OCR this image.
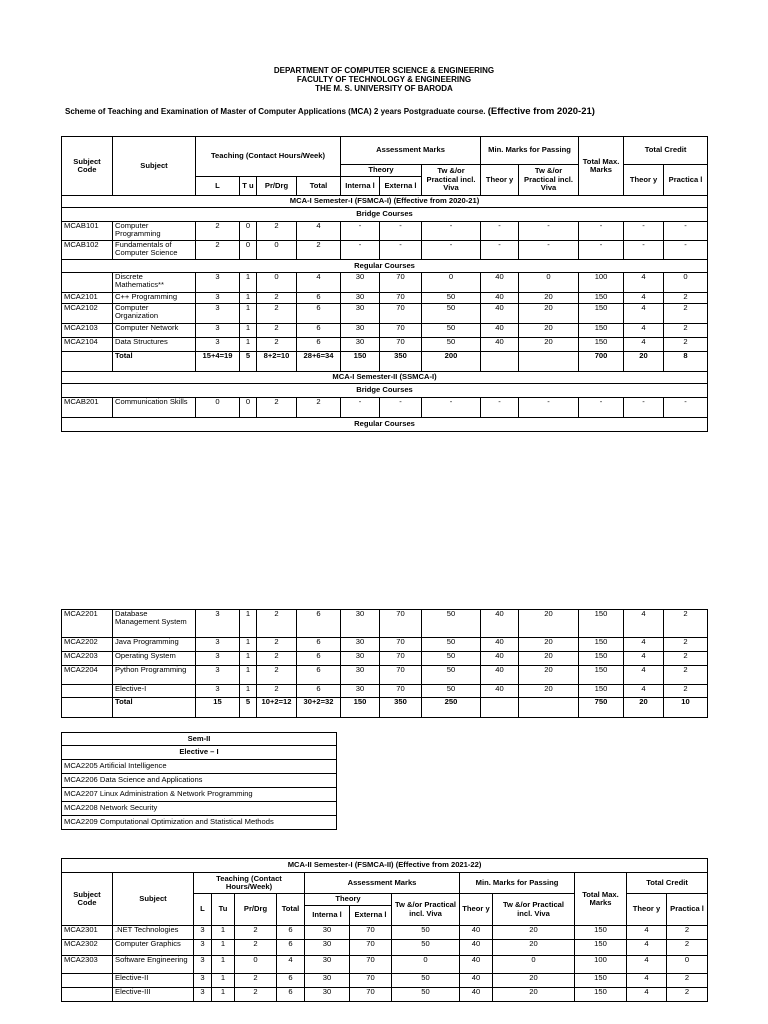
DEPARTMENT OF COMPUTER SCIENCE & ENGINEERING
FACULTY OF TECHNOLOGY & ENGINEERING
THE M. S. UNIVERSITY OF BARODA
Scheme of Teaching and Examination of Master of Computer Applications (MCA) 2 years Postgraduate course. (Effective from 2020-21)
Subject Code	Subject	Teaching (Contact Hours/Week)				Assessment Marks			Min. Marks for Passing		Total Max. Marks	Total Credit	
						Theory		Tw &/or Practical incl. Viva	Theor y	Tw &/or Practical incl. Viva		Theor y	Practica l
		L	T u	Pr/Drg	Total	Interna l	Externa l						
MCA-I Semester-I (FSMCA-I) (Effective from 2020-21)													
Bridge Courses													
MCAB101	Computer Programming	2	0	2	4	-	-	-	-	-	-	-	-
MCAB102	Fundamentals of Computer Science	2	0	0	2	-	-	-	-	-	-	-	-
Regular Courses													
	Discrete Mathematics**	3	1	0	4	30	70	0	40	0	100	4	0
MCA2101	C++ Programming	3	1	2	6	30	70	50	40	20	150	4	2
MCA2102	Computer Organization	3	1	2	6	30	70	50	40	20	150	4	2
MCA2103	Computer Network	3	1	2	6	30	70	50	40	20	150	4	2
MCA2104	Data Structures	3	1	2	6	30	70	50	40	20	150	4	2
	Total	15+4=19	5	8+2=10	28+6=34	150	350	200			700	20	8
MCA-I Semester-II (SSMCA-I)													
Bridge Courses													
MCAB201	Communication Skills	0	0	2	2	-	-	-	-	-	-	-	-
Regular Courses													
MCA2201	Database Management System	3	1	2	6	30	70	50	40	20	150	4	2
MCA2202	Java Programming	3	1	2	6	30	70	50	40	20	150	4	2
MCA2203	Operating System	3	1	2	6	30	70	50	40	20	150	4	2
MCA2204	Python Programming	3	1	2	6	30	70	50	40	20	150	4	2
	Elective-I	3	1	2	6	30	70	50	40	20	150	4	2
	Total	15	5	10+2=12	30+2=32	150	350	250			750	20	10
Sem-II
Elective – I
MCA2205 Artificial Intelligence
MCA2206 Data Science and Applications
MCA2207 Linux Administration & Network Programming
MCA2208 Network Security
MCA2209 Computational Optimization and Statistical Methods
MCA-II Semester-I (FSMCA-II) (Effective from 2021-22)													
Subject Code	Subject	Teaching (Contact Hours/Week)				Assessment Marks			Min. Marks for Passing		Total Max. Marks	Total Credit	
		L	Tu	Pr/Drg	Total	Theory		Tw &/or Practical incl. Viva	Theor y	Tw &/or Practical incl. Viva		Theor y	Practica l
						Interna l	Externa l						
MCA2301	.NET Technologies	3	1	2	6	30	70	50	40	20	150	4	2
MCA2302	Computer Graphics	3	1	2	6	30	70	50	40	20	150	4	2
MCA2303	Software Engineering	3	1	0	4	30	70	0	40	0	100	4	0
	Elective-II	3	1	2	6	30	70	50	40	20	150	4	2
	Elective-III	3	1	2	6	30	70	50	40	20	150	4	2
